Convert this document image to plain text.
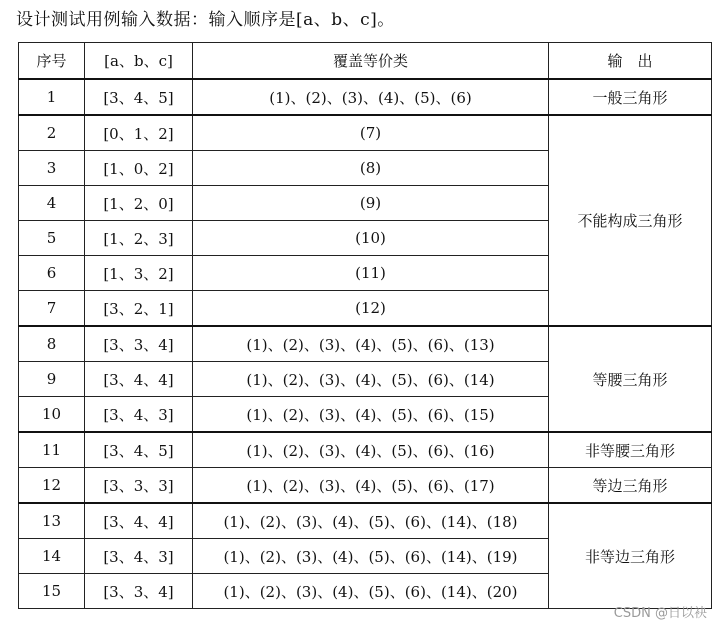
设计测试用例输入数据：输入顺序是[a、b、c]。
序号	[a、b、c]	覆盖等价类	输　出
1	[3、4、5]	(1)、(2)、(3)、(4)、(5)、(6)	一般三角形
2	[0、1、2]	(7)	不能构成三角形
3	[1、0、2]	(8)	
4	[1、2、0]	(9)	
5	[1、2、3]	(10)	
6	[1、3、2]	(11)	
7	[3、2、1]	(12)	
8	[3、3、4]	(1)、(2)、(3)、(4)、(5)、(6)、(13)	等腰三角形
9	[3、4、4]	(1)、(2)、(3)、(4)、(5)、(6)、(14)	
10	[3、4、3]	(1)、(2)、(3)、(4)、(5)、(6)、(15)	
11	[3、4、5]	(1)、(2)、(3)、(4)、(5)、(6)、(16)	非等腰三角形
12	[3、3、3]	(1)、(2)、(3)、(4)、(5)、(6)、(17)	等边三角形
13	[3、4、4]	(1)、(2)、(3)、(4)、(5)、(6)、(14)、(18)	非等边三角形
14	[3、4、3]	(1)、(2)、(3)、(4)、(5)、(6)、(14)、(19)	
15	[3、3、4]	(1)、(2)、(3)、(4)、(5)、(6)、(14)、(20)	
CSDN @日以袂
